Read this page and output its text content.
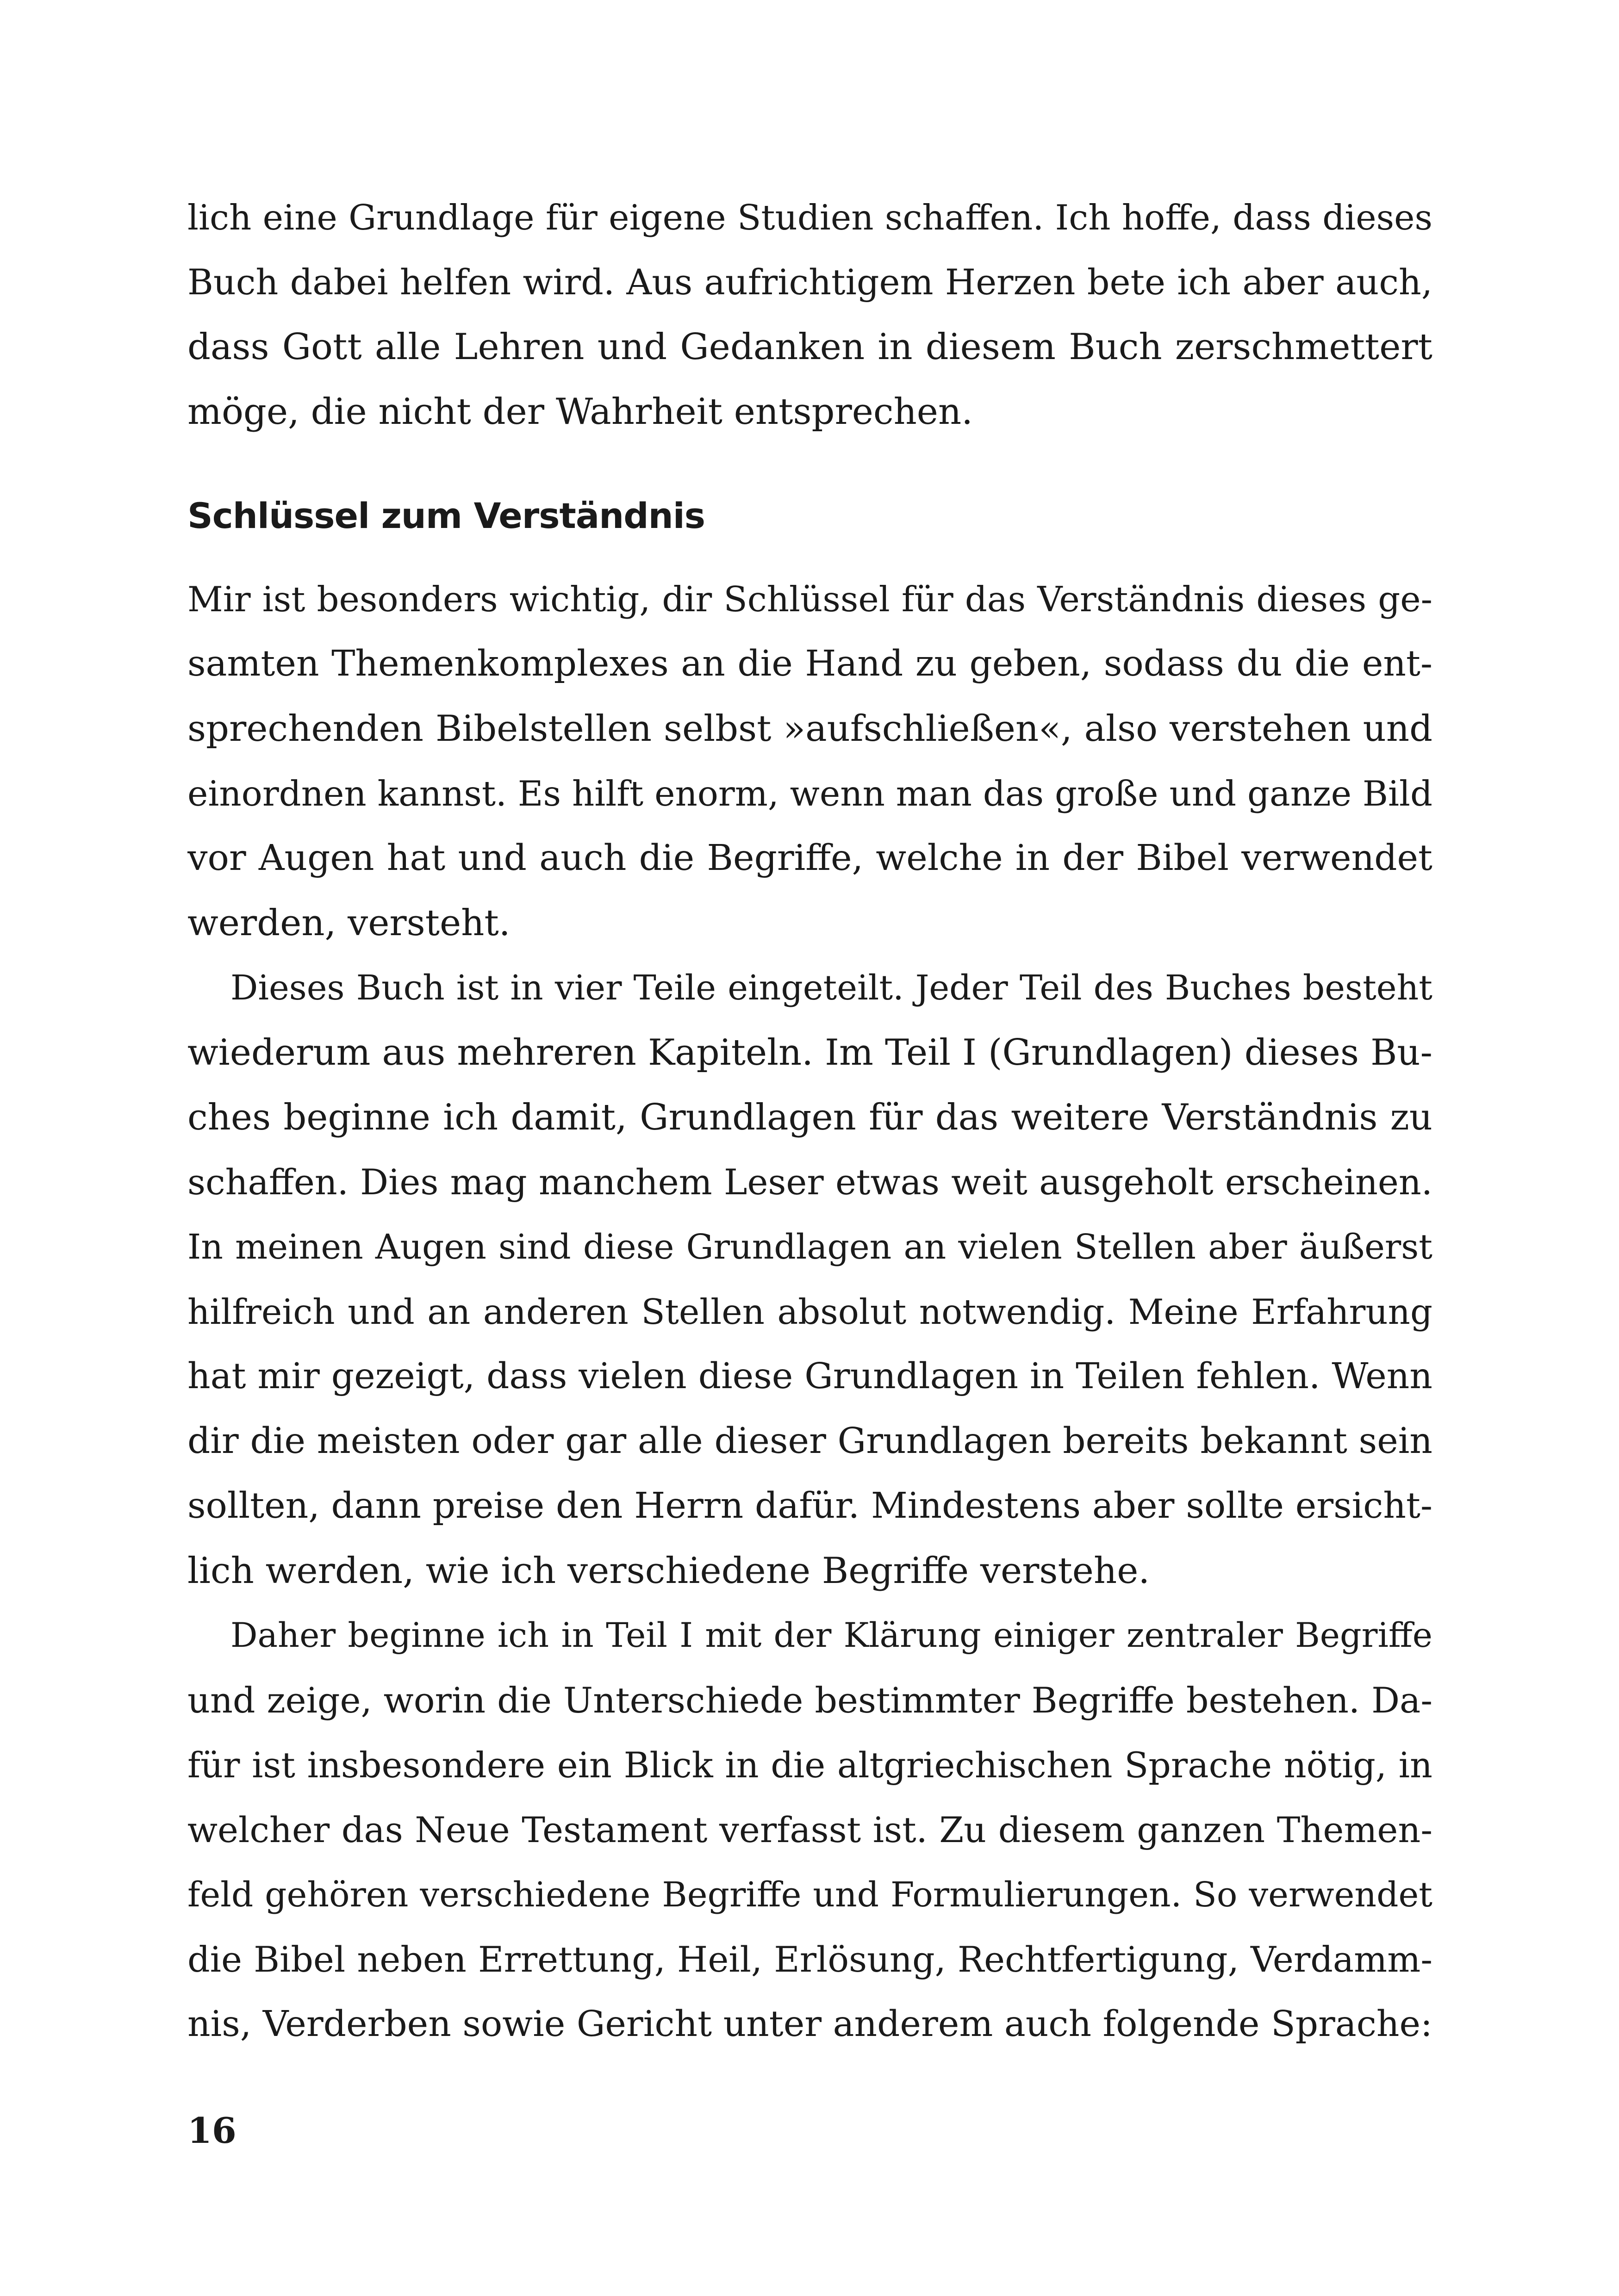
lich eine Grundlage für eigene Studien schaffen. Ich hoffe, dass dieses
Buch dabei helfen wird. Aus aufrichtigem Herzen bete ich aber auch,
dass Gott alle Lehren und Gedanken in diesem Buch zerschmettert
möge, die nicht der Wahrheit entsprechen.
Schlüssel zum Verständnis
Mir ist besonders wichtig, dir Schlüssel für das Verständnis dieses ge-
samten Themenkomplexes an die Hand zu geben, sodass du die ent-
sprechenden Bibelstellen selbst »aufschließen«, also verstehen und
einordnen kannst. Es hilft enorm, wenn man das große und ganze Bild
vor Augen hat und auch die Begriffe, welche in der Bibel verwendet
werden, versteht.
Dieses Buch ist in vier Teile eingeteilt. Jeder Teil des Buches besteht
wiederum aus mehreren Kapiteln. Im Teil I (Grundlagen) dieses Bu-
ches beginne ich damit, Grundlagen für das weitere Verständnis zu
schaffen. Dies mag manchem Leser etwas weit ausgeholt erscheinen.
In meinen Augen sind diese Grundlagen an vielen Stellen aber äußerst
hilfreich und an anderen Stellen absolut notwendig. Meine Erfahrung
hat mir gezeigt, dass vielen diese Grundlagen in Teilen fehlen. Wenn
dir die meisten oder gar alle dieser Grundlagen bereits bekannt sein
sollten, dann preise den Herrn dafür. Mindestens aber sollte ersicht-
lich werden, wie ich verschiedene Begriffe verstehe.
Daher beginne ich in Teil I mit der Klärung einiger zentraler Begriffe
und zeige, worin die Unterschiede bestimmter Begriffe bestehen. Da-
für ist insbesondere ein Blick in die altgriechischen Sprache nötig, in
welcher das Neue Testament verfasst ist. Zu diesem ganzen Themen-
feld gehören verschiedene Begriffe und Formulierungen. So verwendet
die Bibel neben Errettung, Heil, Erlösung, Rechtfertigung, Verdamm-
nis, Verderben sowie Gericht unter anderem auch folgende Sprache:
16
